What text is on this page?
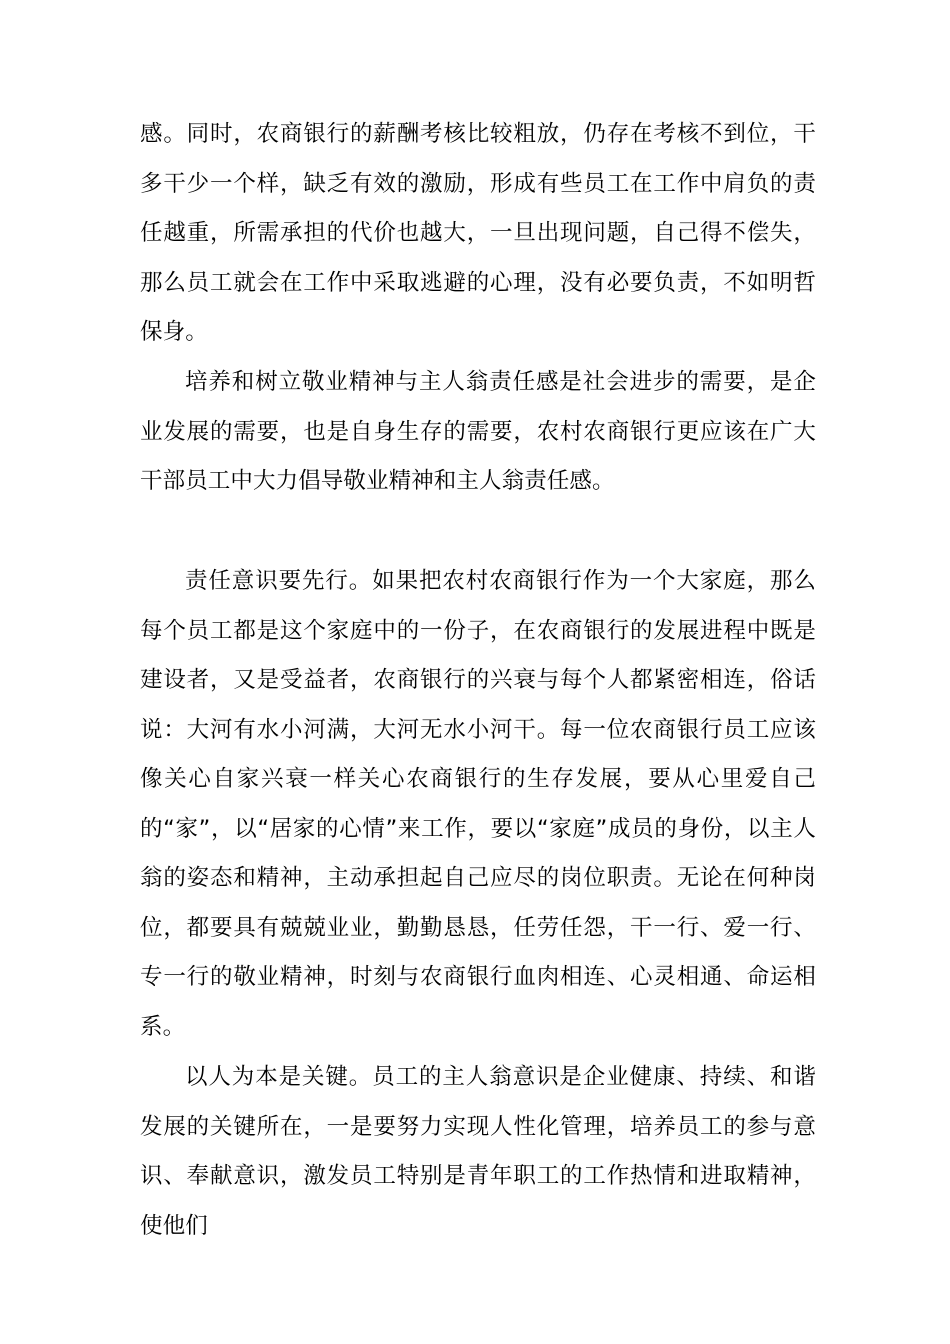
感。同时，农商银行的薪酬考核比较粗放，仍存在考核不到位，干多干少一个样，缺乏有效的激励，形成有些员工在工作中肩负的责任越重，所需承担的代价也越大，一旦出现问题，自己得不偿失，那么员工就会在工作中采取逃避的心理，没有必要负责，不如明哲保身。

培养和树立敬业精神与主人翁责任感是社会进步的需要，是企业发展的需要，也是自身生存的需要，农村农商银行更应该在广大干部员工中大力倡导敬业精神和主人翁责任感。

责任意识要先行。如果把农村农商银行作为一个大家庭，那么每个员工都是这个家庭中的一份子，在农商银行的发展进程中既是建设者，又是受益者，农商银行的兴衰与每个人都紧密相连，俗话说：大河有水小河满，大河无水小河干。每一位农商银行员工应该像关心自家兴衰一样关心农商银行的生存发展，要从心里爱自己的“家”，以“居家的心情”来工作，要以“家庭”成员的身份，以主人翁的姿态和精神，主动承担起自己应尽的岗位职责。无论在何种岗位，都要具有兢兢业业，勤勤恳恳，任劳任怨，干一行、爱一行、专一行的敬业精神，时刻与农商银行血肉相连、心灵相通、命运相系。

以人为本是关键。员工的主人翁意识是企业健康、持续、和谐发展的关键所在，一是要努力实现人性化管理，培养员工的参与意识、奉献意识，激发员工特别是青年职工的工作热情和进取精神，使他们
